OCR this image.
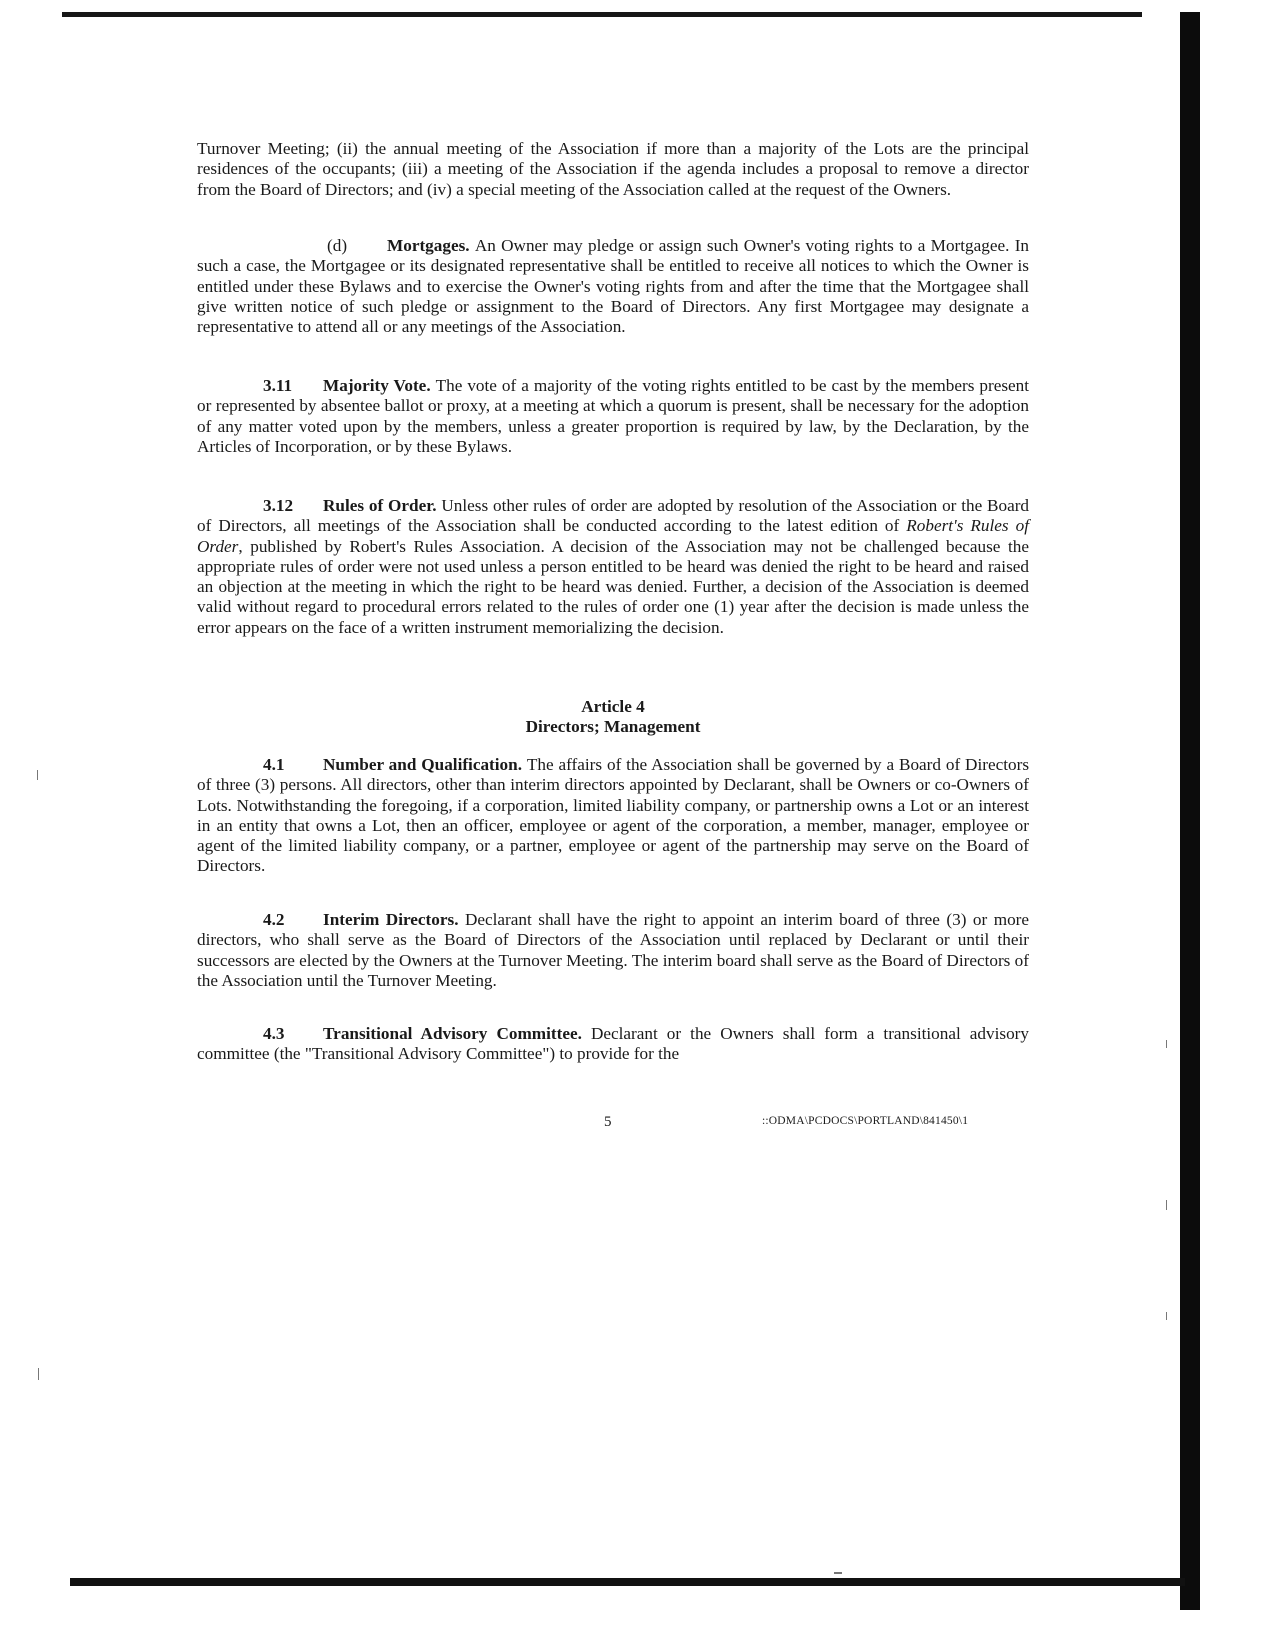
Turnover Meeting; (ii) the annual meeting of the Association if more than a majority of the Lots are the principal residences of the occupants; (iii) a meeting of the Association if the agenda includes a proposal to remove a director from the Board of Directors; and (iv) a special meeting of the Association called at the request of the Owners.

(d) Mortgages. An Owner may pledge or assign such Owner's voting rights to a Mortgagee. In such a case, the Mortgagee or its designated representative shall be entitled to receive all notices to which the Owner is entitled under these Bylaws and to exercise the Owner's voting rights from and after the time that the Mortgagee shall give written notice of such pledge or assignment to the Board of Directors. Any first Mortgagee may designate a representative to attend all or any meetings of the Association.

3.11 Majority Vote. The vote of a majority of the voting rights entitled to be cast by the members present or represented by absentee ballot or proxy, at a meeting at which a quorum is present, shall be necessary for the adoption of any matter voted upon by the members, unless a greater proportion is required by law, by the Declaration, by the Articles of Incorporation, or by these Bylaws.

3.12 Rules of Order. Unless other rules of order are adopted by resolution of the Association or the Board of Directors, all meetings of the Association shall be conducted according to the latest edition of Robert's Rules of Order, published by Robert's Rules Association. A decision of the Association may not be challenged because the appropriate rules of order were not used unless a person entitled to be heard was denied the right to be heard and raised an objection at the meeting in which the right to be heard was denied. Further, a decision of the Association is deemed valid without regard to procedural errors related to the rules of order one (1) year after the decision is made unless the error appears on the face of a written instrument memorializing the decision.

Article 4
Directors; Management

4.1 Number and Qualification. The affairs of the Association shall be governed by a Board of Directors of three (3) persons. All directors, other than interim directors appointed by Declarant, shall be Owners or co-Owners of Lots. Notwithstanding the foregoing, if a corporation, limited liability company, or partnership owns a Lot or an interest in an entity that owns a Lot, then an officer, employee or agent of the corporation, a member, manager, employee or agent of the limited liability company, or a partner, employee or agent of the partnership may serve on the Board of Directors.

4.2 Interim Directors. Declarant shall have the right to appoint an interim board of three (3) or more directors, who shall serve as the Board of Directors of the Association until replaced by Declarant or until their successors are elected by the Owners at the Turnover Meeting. The interim board shall serve as the Board of Directors of the Association until the Turnover Meeting.

4.3 Transitional Advisory Committee. Declarant or the Owners shall form a transitional advisory committee (the "Transitional Advisory Committee") to provide for the

5	::ODMA\PCDOCS\PORTLAND\841450\1
